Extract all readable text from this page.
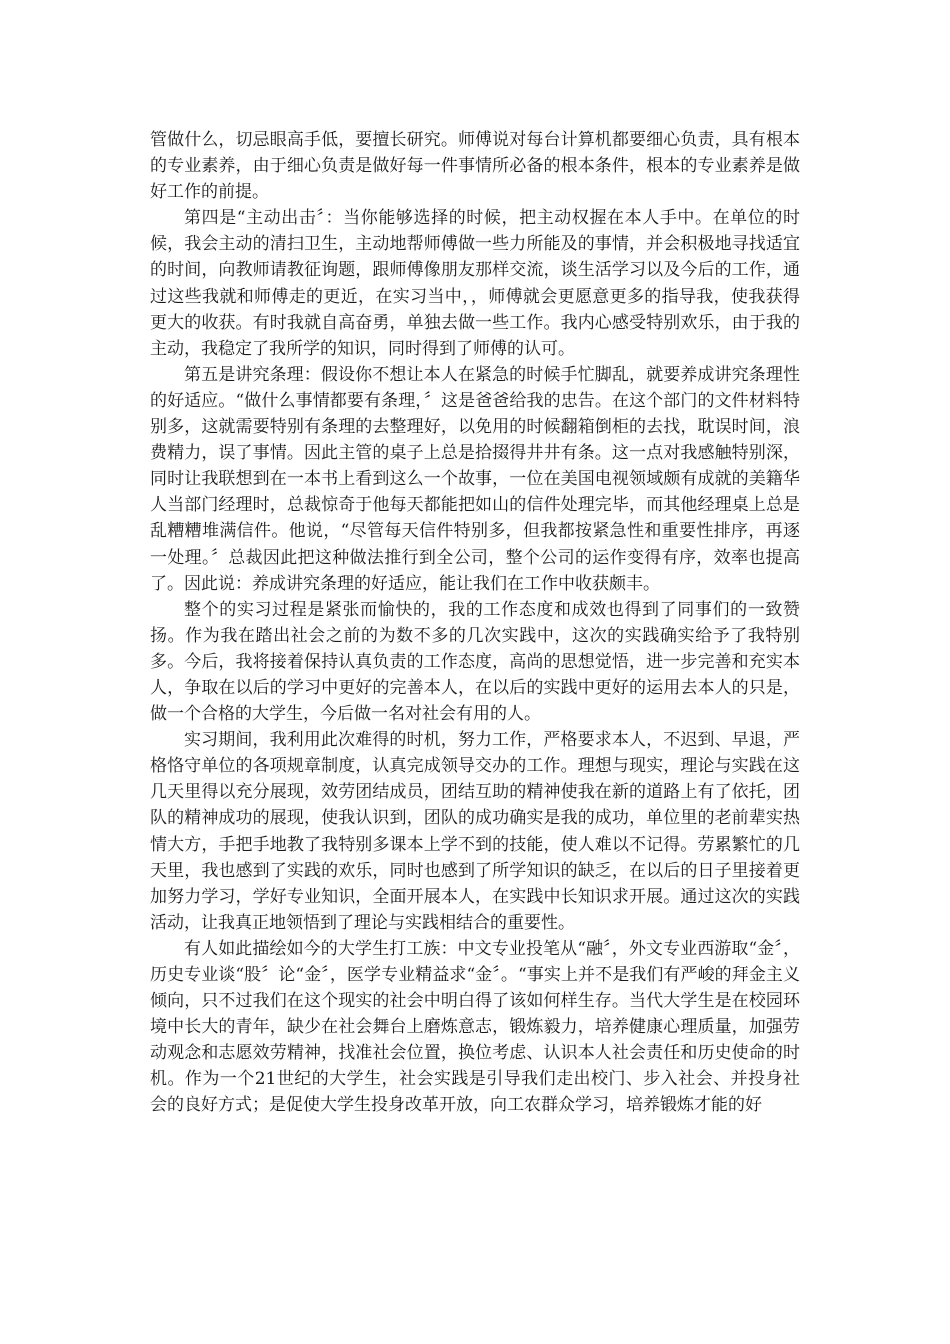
管做什么，切忌眼高手低，要擅长研究。师傅说对每台计算机都要细心负责，具有根本的专业素养，由于细心负责是做好每一件事情所必备的根本条件，根本的专业素养是做好工作的前提。

第四是“主动出击〞：当你能够选择的时候，把主动权握在本人手中。在单位的时候，我会主动的清扫卫生，主动地帮师傅做一些力所能及的事情，并会积极地寻找适宜的时间，向教师请教征询题，跟师傅像朋友那样交流，谈生活学习以及今后的工作，通过这些我就和师傅走的更近，在实习当中，，师傅就会更愿意更多的指导我，使我获得更大的收获。有时我就自高奋勇，单独去做一些工作。我内心感受特别欢乐，由于我的主动，我稳定了我所学的知识，同时得到了师傅的认可。

第五是讲究条理：假设你不想让本人在紧急的时候手忙脚乱，就要养成讲究条理性的好适应。“做什么事情都要有条理，〞这是爸爸给我的忠告。在这个部门的文件材料特别多，这就需要特别有条理的去整理好，以免用的时候翻箱倒柜的去找，耽误时间，浪费精力，误了事情。因此主管的桌子上总是拾掇得井井有条。这一点对我感触特别深，同时让我联想到在一本书上看到这么一个故事，一位在美国电视领域颇有成就的美籍华人当部门经理时，总裁惊奇于他每天都能把如山的信件处理完毕，而其他经理桌上总是乱糟糟堆满信件。他说，“尽管每天信件特别多，但我都按紧急性和重要性排序，再逐一处理。〞总裁因此把这种做法推行到全公司，整个公司的运作变得有序，效率也提高了。因此说：养成讲究条理的好适应，能让我们在工作中收获颇丰。

整个的实习过程是紧张而愉快的，我的工作态度和成效也得到了同事们的一致赞扬。作为我在踏出社会之前的为数不多的几次实践中，这次的实践确实给予了我特别多。今后，我将接着保持认真负责的工作态度，高尚的思想觉悟，进一步完善和充实本人，争取在以后的学习中更好的完善本人，在以后的实践中更好的运用去本人的只是，做一个合格的大学生，今后做一名对社会有用的人。

实习期间，我利用此次难得的时机，努力工作，严格要求本人，不迟到、早退，严格恪守单位的各项规章制度，认真完成领导交办的工作。理想与现实，理论与实践在这几天里得以充分展现，效劳团结成员，团结互助的精神使我在新的道路上有了依托，团队的精神成功的展现，使我认识到，团队的成功确实是我的成功，单位里的老前辈实热情大方，手把手地教了我特别多课本上学不到的技能，使人难以不记得。劳累繁忙的几天里，我也感到了实践的欢乐，同时也感到了所学知识的缺乏，在以后的日子里接着更加努力学习，学好专业知识，全面开展本人，在实践中长知识求开展。通过这次的实践活动，让我真正地领悟到了理论与实践相结合的重要性。

有人如此描绘如今的大学生打工族：中文专业投笔从“融〞，外文专业西游取“金〞，历史专业谈“股〞论“金〞，医学专业精益求“金〞。“事实上并不是我们有严峻的拜金主义倾向，只不过我们在这个现实的社会中明白得了该如何样生存。当代大学生是在校园环境中长大的青年，缺少在社会舞台上磨炼意志，锻炼毅力，培养健康心理质量，加强劳动观念和志愿效劳精神，找准社会位置，换位考虑、认识本人社会责任和历史使命的时机。作为一个21世纪的大学生，社会实践是引导我们走出校门、步入社会、并投身社会的良好方式；是促使大学生投身改革开放，向工农群众学习，培养锻炼才能的好
